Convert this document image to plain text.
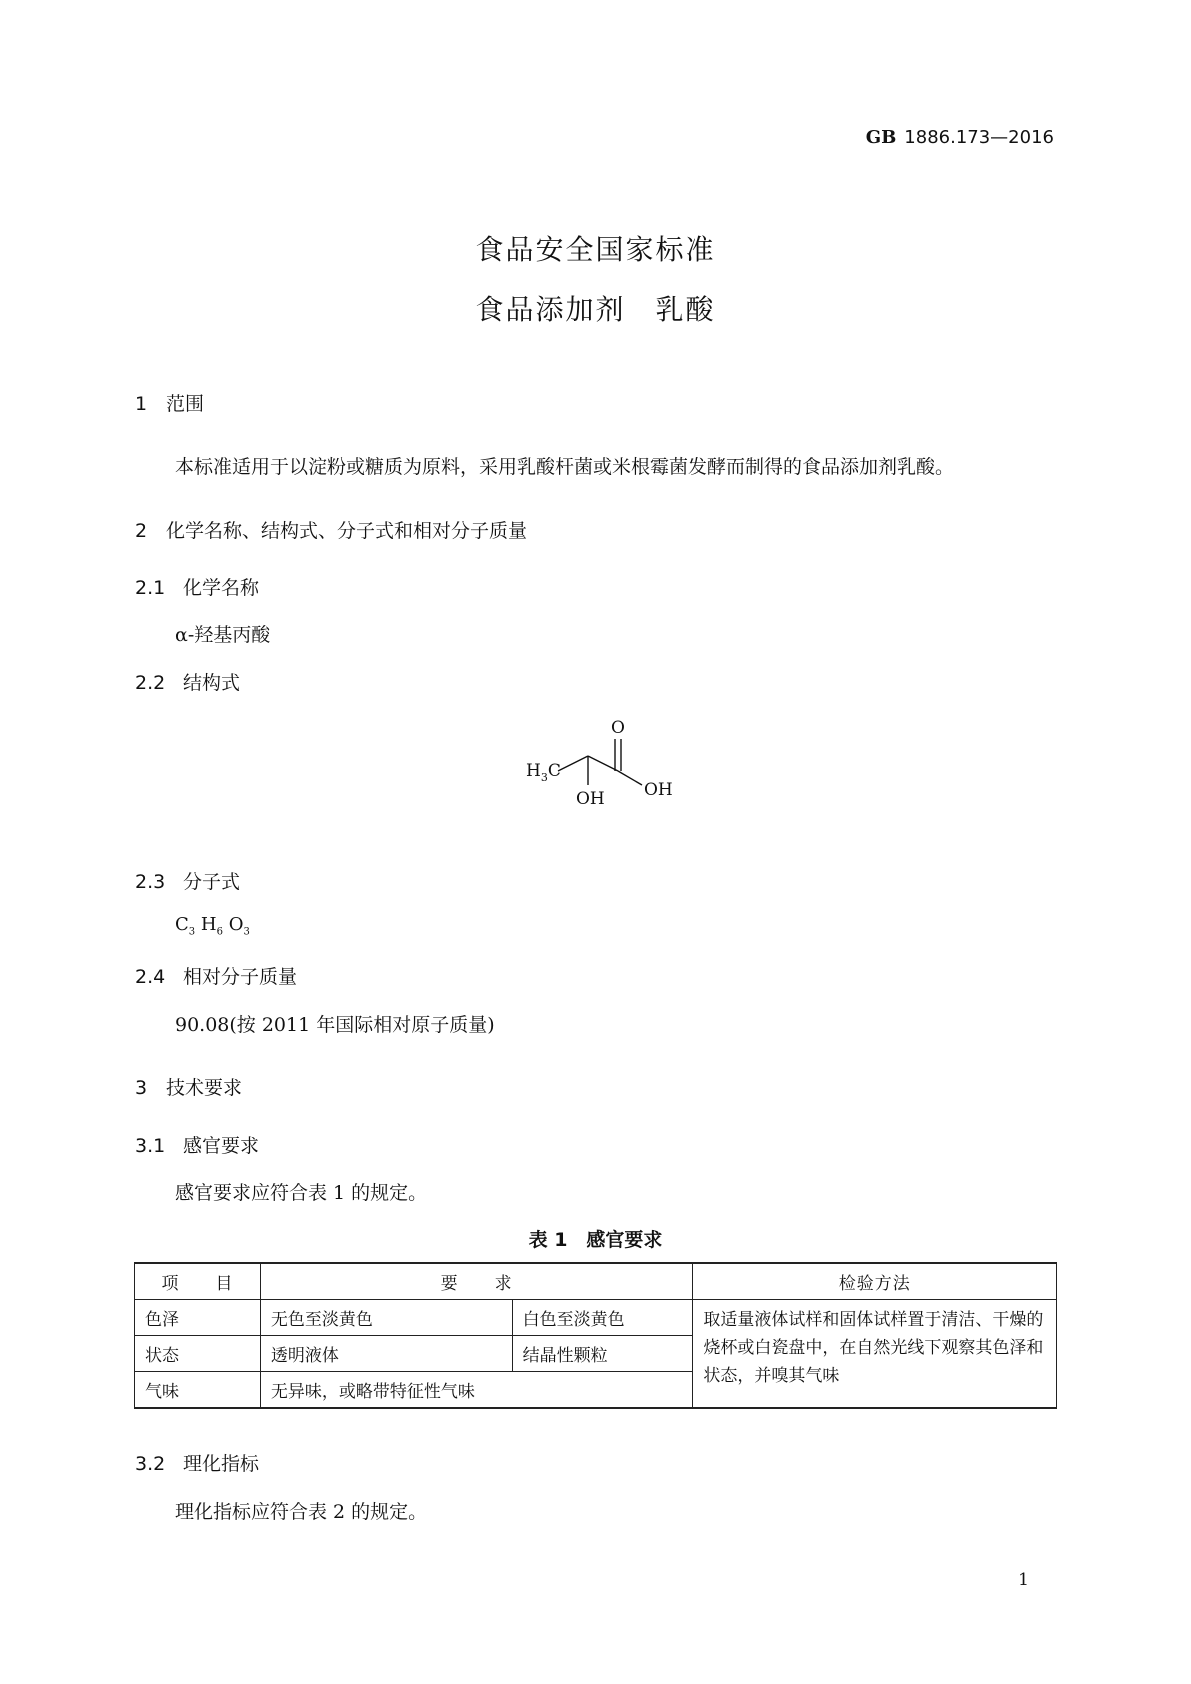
GB 1886.173—2016
食品安全国家标准
食品添加剂　乳酸
1 范围
本标准适用于以淀粉或糖质为原料，采用乳酸杆菌或米根霉菌发酵而制得的食品添加剂乳酸。
2 化学名称、结构式、分子式和相对分子质量
2.1 化学名称
α-羟基丙酸
2.2 结构式
$H_3C$
O
OH
OH
2.3 分子式
$C_3$ $H_6$ $O_3$
2.4 相对分子质量
90.08(按 2011 年国际相对原子质量)
3 技术要求
3.1 感官要求
感官要求应符合表 1 的规定。
表 1　感官要求
项　　目	要　　求		检验方法
色泽	无色至淡黄色	白色至淡黄色	取适量液体试样和固体试样置于清洁、干燥的烧杯或白瓷盘中，在自然光线下观察其色泽和状态，并嗅其气味
状态	透明液体	结晶性颗粒	
气味	无异味，或略带特征性气味		
3.2 理化指标
理化指标应符合表 2 的规定。
1
